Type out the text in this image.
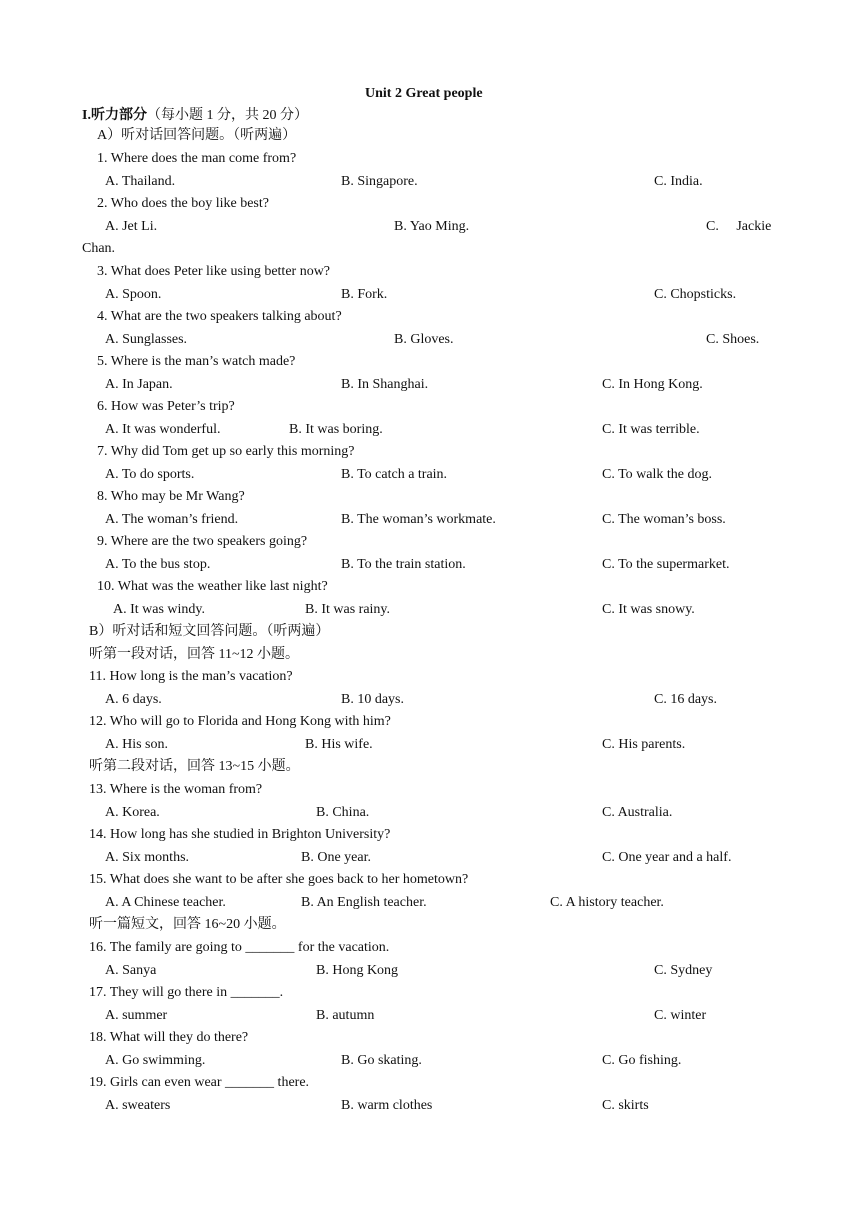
Unit 2 Great people
I.听力部分（每小题 1 分，共 20 分）
A）听对话回答问题。（听两遍）
1. Where does the man come from?
A. Thailand.	B. Singapore.	C. India.
2. Who does the boy like best?
A. Jet Li.	B. Yao Ming.	C.     Jackie
Chan.
3. What does Peter like using better now?
A. Spoon.	B. Fork.	C. Chopsticks.
4. What are the two speakers talking about?
A. Sunglasses.	B. Gloves.	C. Shoes.
5. Where is the man’s watch made?
A. In Japan.	B. In Shanghai.	C. In Hong Kong.
6. How was Peter’s trip?
A. It was wonderful.	B. It was boring.	C. It was terrible.
7. Why did Tom get up so early this morning?
A. To do sports.	B. To catch a train.	C. To walk the dog.
8. Who may be Mr Wang?
A. The woman’s friend.	B. The woman’s workmate.	C. The woman’s boss.
9. Where are the two speakers going?
A. To the bus stop.	B. To the train station.	C. To the supermarket.
10. What was the weather like last night?
A. It was windy.	B. It was rainy.	C. It was snowy.
B）听对话和短文回答问题。（听两遍）
听第一段对话，回答 11~12 小题。
11. How long is the man’s vacation?
A. 6 days.	B. 10 days.	C. 16 days.
12. Who will go to Florida and Hong Kong with him?
A. His son.	B. His wife.	C. His parents.
听第二段对话，回答 13~15 小题。
13. Where is the woman from?
A. Korea.	B. China.	C. Australia.
14. How long has she studied in Brighton University?
A. Six months.	B. One year.	C. One year and a half.
15. What does she want to be after she goes back to her hometown?
A. A Chinese teacher.	B. An English teacher.	C. A history teacher.
听一篇短文，回答 16~20 小题。
16. The family are going to _______ for the vacation.
A. Sanya	B. Hong Kong	C. Sydney
17. They will go there in _______.
A. summer	B. autumn	C. winter
18. What will they do there?
A. Go swimming.	B. Go skating.	C. Go fishing.
19. Girls can even wear _______ there.
A. sweaters	B. warm clothes	C. skirts
